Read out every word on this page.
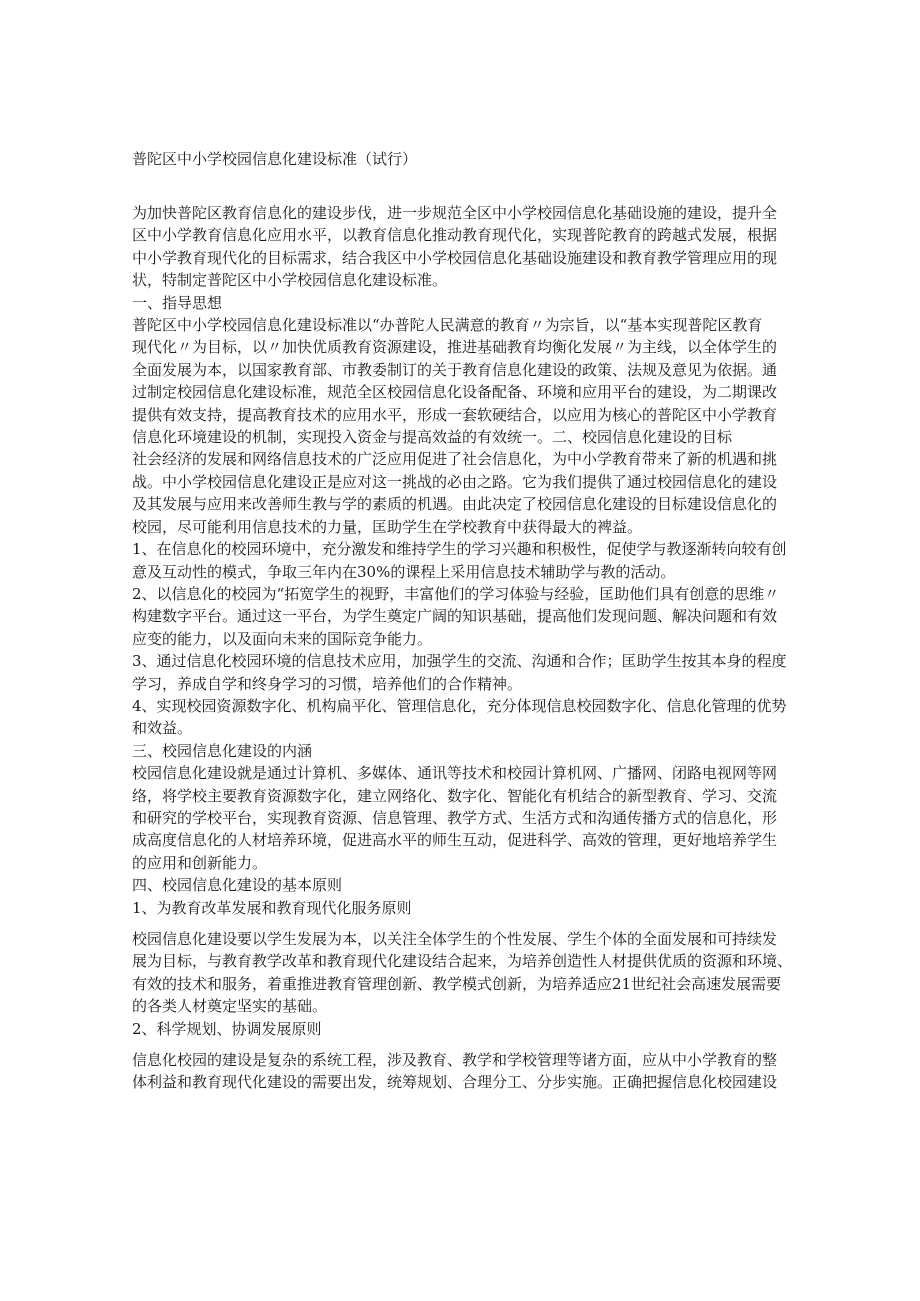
普陀区中小学校园信息化建设标准（试行）
为加快普陀区教育信息化的建设步伐，进一步规范全区中小学校园信息化基础设施的建设，提升全
区中小学教育信息化应用水平，以教育信息化推动教育现代化，实现普陀教育的跨越式发展，根据
中小学教育现代化的目标需求，结合我区中小学校园信息化基础设施建设和教育教学管理应用的现
状，特制定普陀区中小学校园信息化建设标准。
一、指导思想
普陀区中小学校园信息化建设标准以“办普陀人民满意的教育〃为宗旨，以“基本实现普陀区教育
现代化〃为目标，以〃加快优质教育资源建设，推进基础教育均衡化发展〃为主线，以全体学生的
全面发展为本，以国家教育部、市教委制订的关于教育信息化建设的政策、法规及意见为依据。通
过制定校园信息化建设标准，规范全区校园信息化设备配备、环境和应用平台的建设，为二期课改
提供有效支持，提高教育技术的应用水平，形成一套软硬结合，以应用为核心的普陀区中小学教育
信息化环境建设的机制，实现投入资金与提高效益的有效统一。二、校园信息化建设的目标
社会经济的发展和网络信息技术的广泛应用促进了社会信息化，为中小学教育带来了新的机遇和挑
战。中小学校园信息化建设正是应对这一挑战的必由之路。它为我们提供了通过校园信息化的建设
及其发展与应用来改善师生教与学的素质的机遇。由此决定了校园信息化建设的目标建设信息化的
校园，尽可能利用信息技术的力量，匡助学生在学校教育中获得最大的裨益。
1、在信息化的校园环境中，充分激发和维持学生的学习兴趣和积极性，促使学与教逐渐转向较有创
意及互动性的模式，争取三年内在30%的课程上采用信息技术辅助学与教的活动。
2、以信息化的校园为“拓宽学生的视野，丰富他们的学习体验与经验，匡助他们具有创意的思维〃
构建数字平台。通过这一平台，为学生奠定广阔的知识基础，提高他们发现问题、解决问题和有效
应变的能力，以及面向未来的国际竞争能力。
3、通过信息化校园环境的信息技术应用，加强学生的交流、沟通和合作；匡助学生按其本身的程度
学习，养成自学和终身学习的习惯，培养他们的合作精神。
4、实现校园资源数字化、机构扁平化、管理信息化，充分体现信息校园数字化、信息化管理的优势
和效益。
三、校园信息化建设的内涵
校园信息化建设就是通过计算机、多媒体、通讯等技术和校园计算机网、广播网、闭路电视网等网
络，将学校主要教育资源数字化，建立网络化、数字化、智能化有机结合的新型教育、学习、交流
和研究的学校平台，实现教育资源、信息管理、教学方式、生活方式和沟通传播方式的信息化，形
成高度信息化的人材培养环境，促进高水平的师生互动，促进科学、高效的管理，更好地培养学生
的应用和创新能力。
四、校园信息化建设的基本原则
1、为教育改革发展和教育现代化服务原则
校园信息化建设要以学生发展为本，以关注全体学生的个性发展、学生个体的全面发展和可持续发
展为目标，与教育教学改革和教育现代化建设结合起来，为培养创造性人材提供优质的资源和环境、
有效的技术和服务，着重推进教育管理创新、教学模式创新，为培养适应21世纪社会高速发展需要
的各类人材奠定坚实的基础。
2、科学规划、协调发展原则
信息化校园的建设是复杂的系统工程，涉及教育、教学和学校管理等诸方面，应从中小学教育的整
体利益和教育现代化建设的需要出发，统筹规划、合理分工、分步实施。正确把握信息化校园建设
